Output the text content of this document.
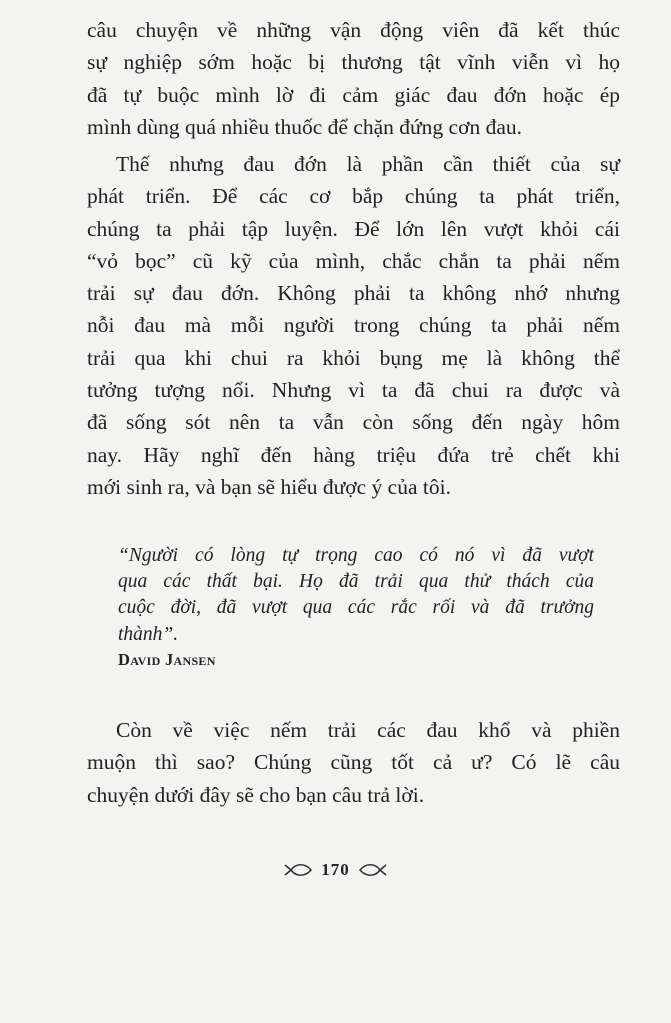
câu chuyện về những vận động viên đã kết thúc
sự nghiệp sớm hoặc bị thương tật vĩnh viễn vì họ
đã tự buộc mình lờ đi cảm giác đau đớn hoặc ép
mình dùng quá nhiều thuốc để chặn đứng cơn đau.

Thế nhưng đau đớn là phần cần thiết của sự
phát triển. Để các cơ bắp chúng ta phát triển,
chúng ta phải tập luyện. Để lớn lên vượt khỏi cái
“vỏ bọc” cũ kỹ của mình, chắc chắn ta phải nếm
trải sự đau đớn. Không phải ta không nhớ nhưng
nỗi đau mà mỗi người trong chúng ta phải nếm
trải qua khi chui ra khỏi bụng mẹ là không thể
tưởng tượng nổi. Nhưng vì ta đã chui ra được và
đã sống sót nên ta vẫn còn sống đến ngày hôm
nay. Hãy nghĩ đến hàng triệu đứa trẻ chết khi
mới sinh ra, và bạn sẽ hiểu được ý của tôi.

“Người có lòng tự trọng cao có nó vì đã vượt
qua các thất bại. Họ đã trải qua thử thách của
cuộc đời, đã vượt qua các rắc rối và đã trưởng
thành”.

David Jansen

Còn về việc nếm trải các đau khổ và phiền
muộn thì sao? Chúng cũng tốt cả ư? Có lẽ câu
chuyện dưới đây sẽ cho bạn câu trả lời.

170
